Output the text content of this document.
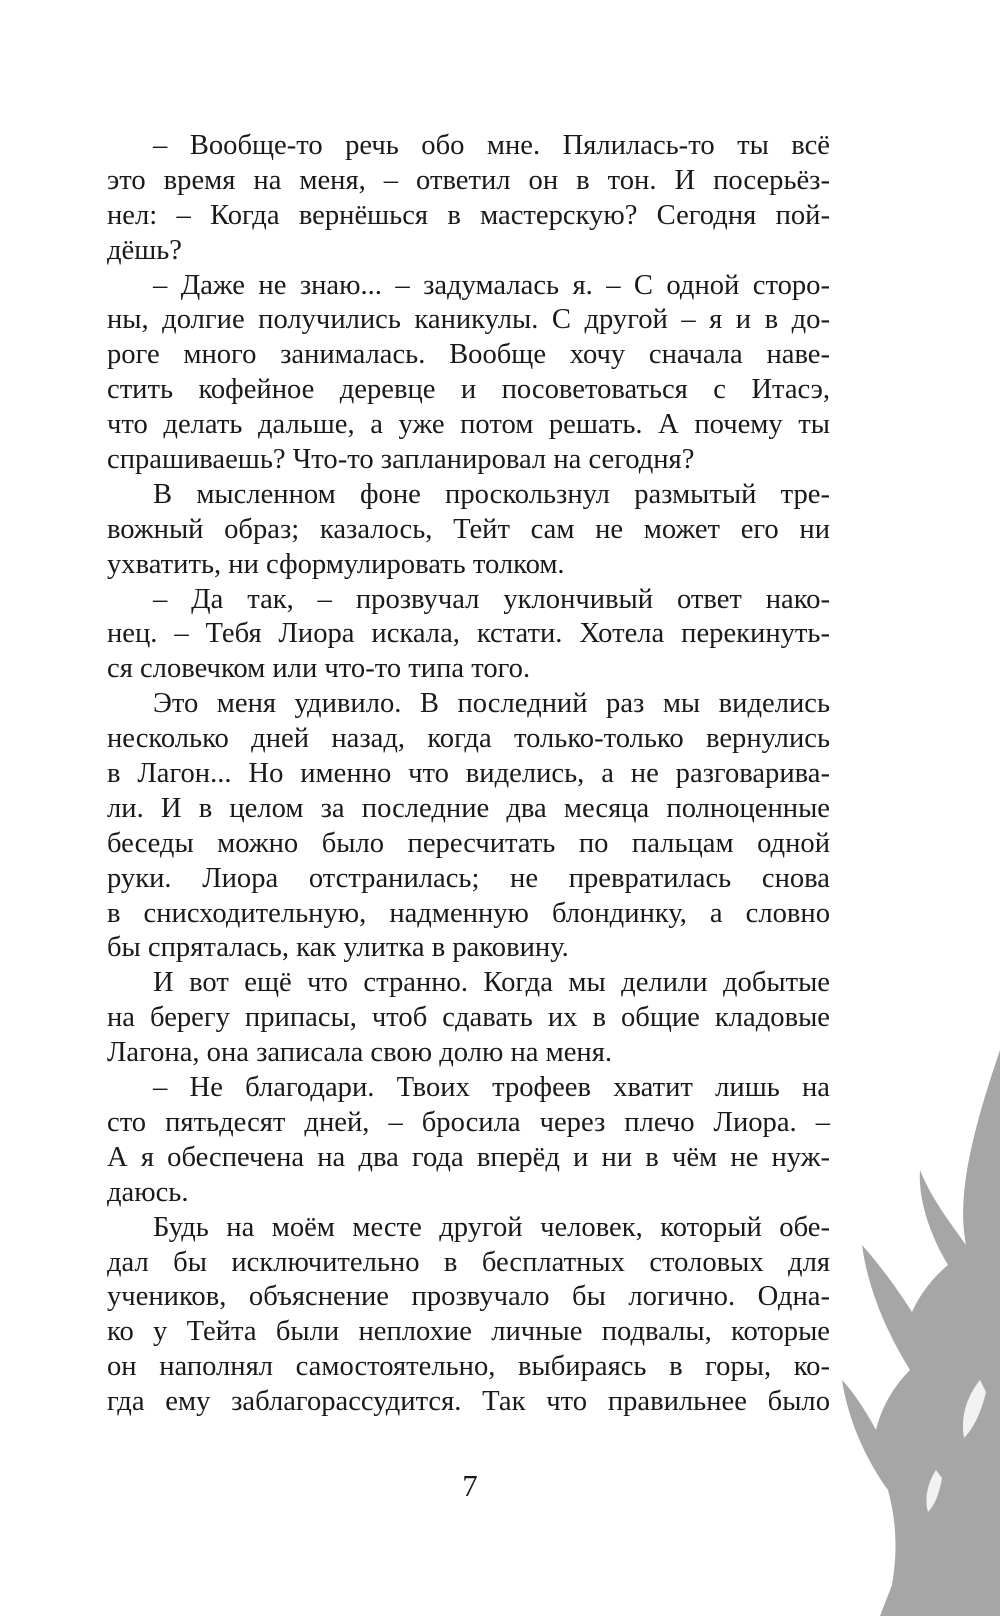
– Вообще-то речь обо мне. Пялилась-то ты всё
это время на меня, – ответил он в тон. И посерьёз-
нел: – Когда вернёшься в мастерскую? Сегодня пой-
дёшь?
– Даже не знаю... – задумалась я. – С одной сторо-
ны, долгие получились каникулы. С другой – я и в до-
роге много занималась. Вообще хочу сначала наве-
стить кофейное деревце и посоветоваться с Итасэ,
что делать дальше, а уже потом решать. А почему ты
спрашиваешь? Что-то запланировал на сегодня?
В мысленном фоне проскользнул размытый тре-
вожный образ; казалось, Тейт сам не может его ни
ухватить, ни сформулировать толком.
– Да так, – прозвучал уклончивый ответ нако-
нец. – Тебя Лиора искала, кстати. Хотела перекинуть-
ся словечком или что-то типа того.
Это меня удивило. В последний раз мы виделись
несколько дней назад, когда только-только вернулись
в Лагон... Но именно что виделись, а не разговарива-
ли. И в целом за последние два месяца полноценные
беседы можно было пересчитать по пальцам одной
руки. Лиора отстранилась; не превратилась снова
в снисходительную, надменную блондинку, а словно
бы спряталась, как улитка в раковину.
И вот ещё что странно. Когда мы делили добытые
на берегу припасы, чтоб сдавать их в общие кладовые
Лагона, она записала свою долю на меня.
– Не благодари. Твоих трофеев хватит лишь на
сто пятьдесят дней, – бросила через плечо Лиора. –
А я обеспечена на два года вперёд и ни в чём не нуж-
даюсь.
Будь на моём месте другой человек, который обе-
дал бы исключительно в бесплатных столовых для
учеников, объяснение прозвучало бы логично. Одна-
ко у Тейта были неплохие личные подвалы, которые
он наполнял самостоятельно, выбираясь в горы, ко-
гда ему заблагорассудится. Так что правильнее было
7
